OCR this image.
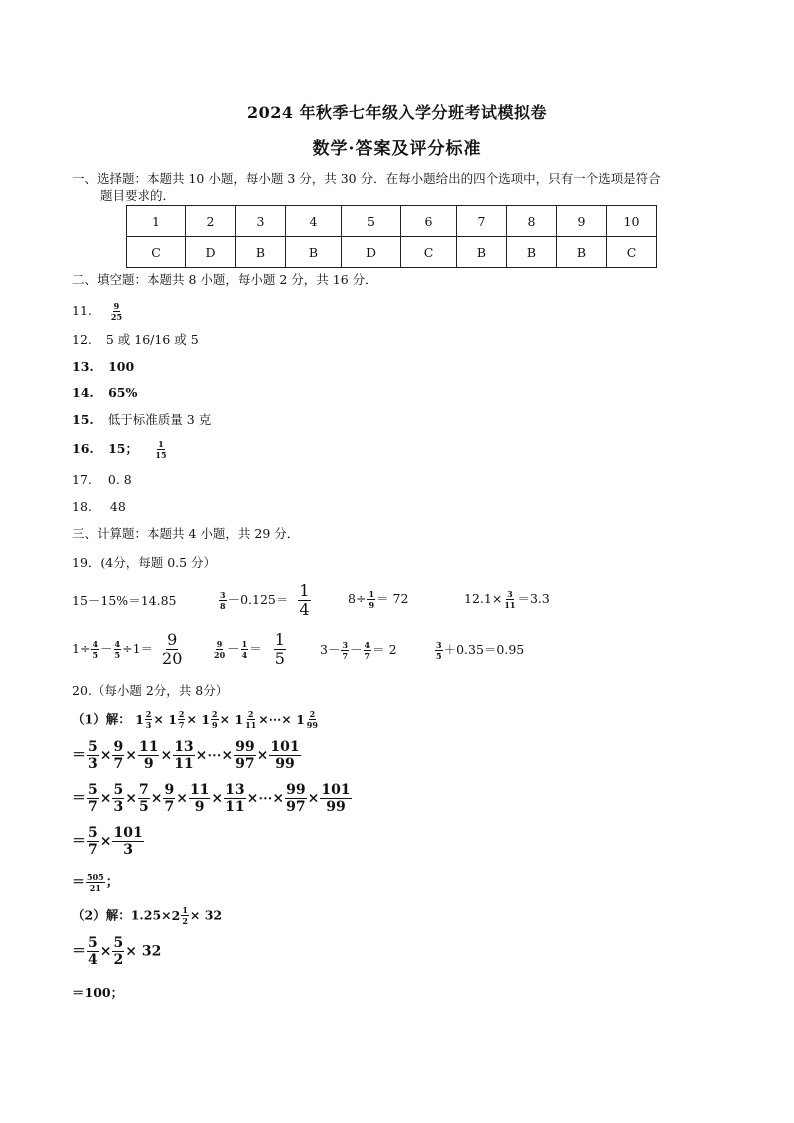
2024 年秋季七年级入学分班考试模拟卷
数学·答案及评分标准
一、选择题：本题共 10 小题，每小题 3 分，共 30 分．在每小题给出的四个选项中，只有一个选项是符合
题目要求的．
1	2	3	4	5	6	7	8	9	10
C	D	B	B	D	C	B	B	B	C
二、填空题：本题共 8 小题，每小题 2 分，共 16 分．
11. $\frac{9}{25}$
12. 5 或 16/16 或 5
13. 100
14. 65%
15. 低于标准质量 3 克
16. 15； $\frac{1}{15}$
17. 0. 8
18. 48
三、计算题：本题共 4 小题，共 29 分．
19．(4分，每题 0.5 分）
15－15%＝14.85	$\frac{3}{8} -0.125= \frac{1}{4}$	$8\div \frac{1}{9} = 72$	$12.1\times \frac{3}{11} =3.3$
$1\div \frac{4}{5} - \frac{4}{5} \div 1= \frac{9}{20}$	$\frac{9}{20} - \frac{1}{4} = \frac{1}{5}$	$3- \frac{3}{7} - \frac{4}{7} = 2$	$\frac{3}{5} +0.35=0.95$
20.（每小题 2分，共 8分）
（1）解： $1 \frac{2}{3} \times 1 \frac{2}{7} \times 1 \frac{2}{9} \times 1 \frac{2}{11}$ ×⋯× $1 \frac{2}{99}$
＝ $\frac{5}{3} \times \frac{9}{7} \times \frac{11}{9} \times \frac{13}{11}$ ×⋯× $\frac{99}{97} \times \frac{101}{99}$
＝ $\frac{5}{7} \times \frac{5}{3} \times \frac{7}{5} \times \frac{9}{7} \times \frac{11}{9} \times \frac{13}{11}$ ×⋯× $\frac{99}{97} \times \frac{101}{99}$
＝ $\frac{5}{7} \times \frac{101}{3}$
＝ $\frac{505}{21}$ ；
（2）解：$1.25\times 2 \frac{1}{2} \times 32$
＝ $\frac{5}{4} \times \frac{5}{2} \times 32$
＝100；
